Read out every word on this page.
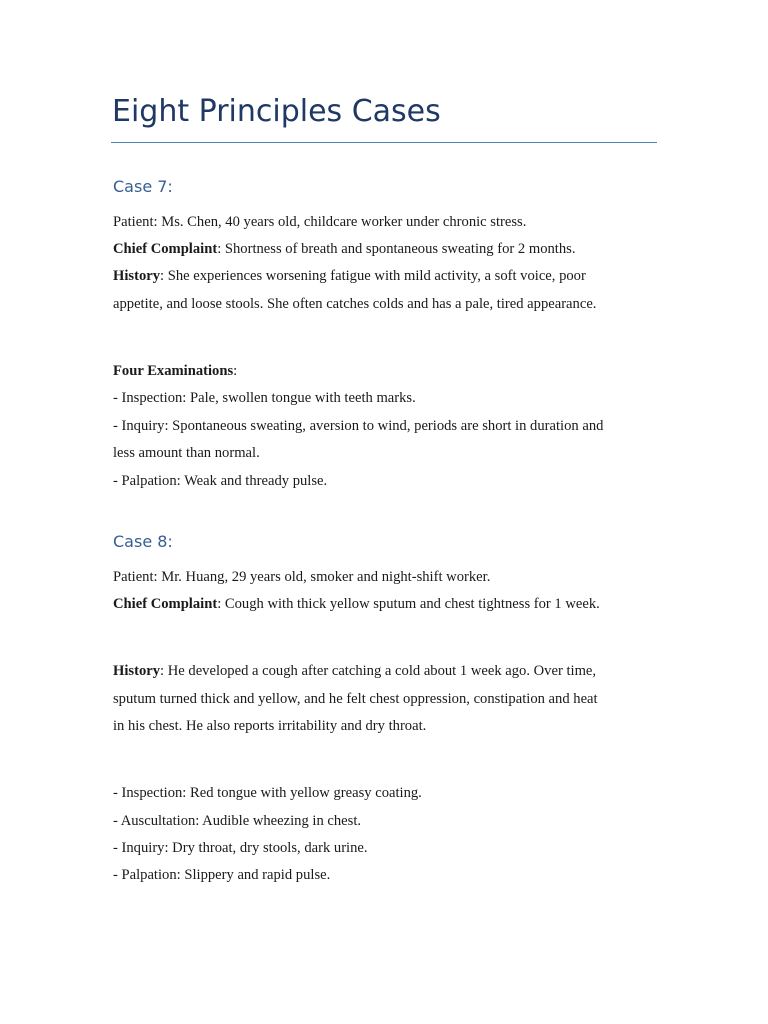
Eight Principles Cases
Case 7:
Patient: Ms. Chen, 40 years old, childcare worker under chronic stress.
Chief Complaint: Shortness of breath and spontaneous sweating for 2 months.
History: She experiences worsening fatigue with mild activity, a soft voice, poor
appetite, and loose stools. She often catches colds and has a pale, tired appearance.
Four Examinations:
- Inspection: Pale, swollen tongue with teeth marks.
- Inquiry: Spontaneous sweating, aversion to wind, periods are short in duration and
less amount than normal.
- Palpation: Weak and thready pulse.
Case 8:
Patient: Mr. Huang, 29 years old, smoker and night-shift worker.
Chief Complaint: Cough with thick yellow sputum and chest tightness for 1 week.
History: He developed a cough after catching a cold about 1 week ago. Over time,
sputum turned thick and yellow, and he felt chest oppression, constipation and heat
in his chest. He also reports irritability and dry throat.
- Inspection: Red tongue with yellow greasy coating.
- Auscultation: Audible wheezing in chest.
- Inquiry: Dry throat, dry stools, dark urine.
- Palpation: Slippery and rapid pulse.
